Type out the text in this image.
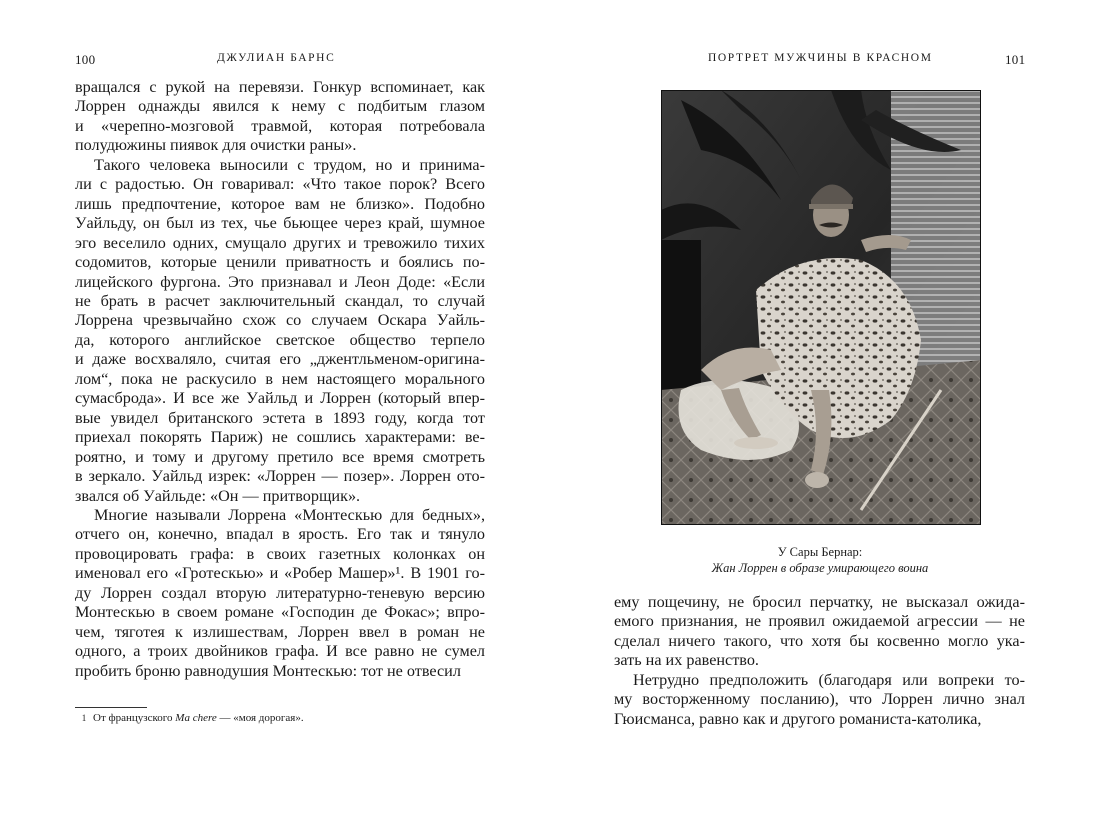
100	ДЖУЛИАН БАРНС

вращался с рукой на перевязи. Гонкур вспоминает, как
Лоррен однажды явился к нему с подбитым глазом
и «черепно-мозговой травмой, которая потребовала
полудюжины пиявок для очистки раны».

Такого человека выносили с трудом, но и принима-
ли с радостью. Он говаривал: «Что такое порок? Всего
лишь предпочтение, которое вам не близко». Подобно
Уайльду, он был из тех, чье бьющее через край, шумное
эго веселило одних, смущало других и тревожило тихих
содомитов, которые ценили приватность и боялись по-
лицейского фургона. Это признавал и Леон Доде: «Если
не брать в расчет заключительный скандал, то случай
Лоррена чрезвычайно схож со случаем Оскара Уайль-
да, которого английское светское общество терпело
и даже восхваляло, считая его „джентльменом-оригина-
лом“, пока не раскусило в нем настоящего морального
сумасброда». И все же Уайльд и Лоррен (который впер-
вые увидел британского эстета в 1893 году, когда тот
приехал покорять Париж) не сошлись характерами: ве-
роятно, и тому и другому претило все время смотреть
в зеркало. Уайльд изрек: «Лоррен — позер». Лоррен ото-
звался об Уайльде: «Он — притворщик».

Многие называли Лоррена «Монтескью для бедных»,
отчего он, конечно, впадал в ярость. Его так и тянуло
провоцировать графа: в своих газетных колонках он
именовал его «Гротескью» и «Робер Машер»¹. В 1901 го-
ду Лоррен создал вторую литературно-теневую версию
Монтескью в своем романе «Господин де Фокас»; впро-
чем, тяготея к излишествам, Лоррен ввел в роман не
одного, а троих двойников графа. И все равно не сумел
пробить броню равнодушия Монтескью: тот не отвесил

1 От французского Ma chere — «моя дорогая».
ПОРТРЕТ МУЖЧИНЫ В КРАСНОМ	101
У Сары Бернар:
Жан Лоррен в образе умирающего воина

ему пощечину, не бросил перчатку, не высказал ожида-
емого признания, не проявил ожидаемой агрессии — не
сделал ничего такого, что хотя бы косвенно могло ука-
зать на их равенство.

Нетрудно предположить (благодаря или вопреки то-
му восторженному посланию), что Лоррен лично знал
Гюисманса, равно как и другого романиста-католика,
